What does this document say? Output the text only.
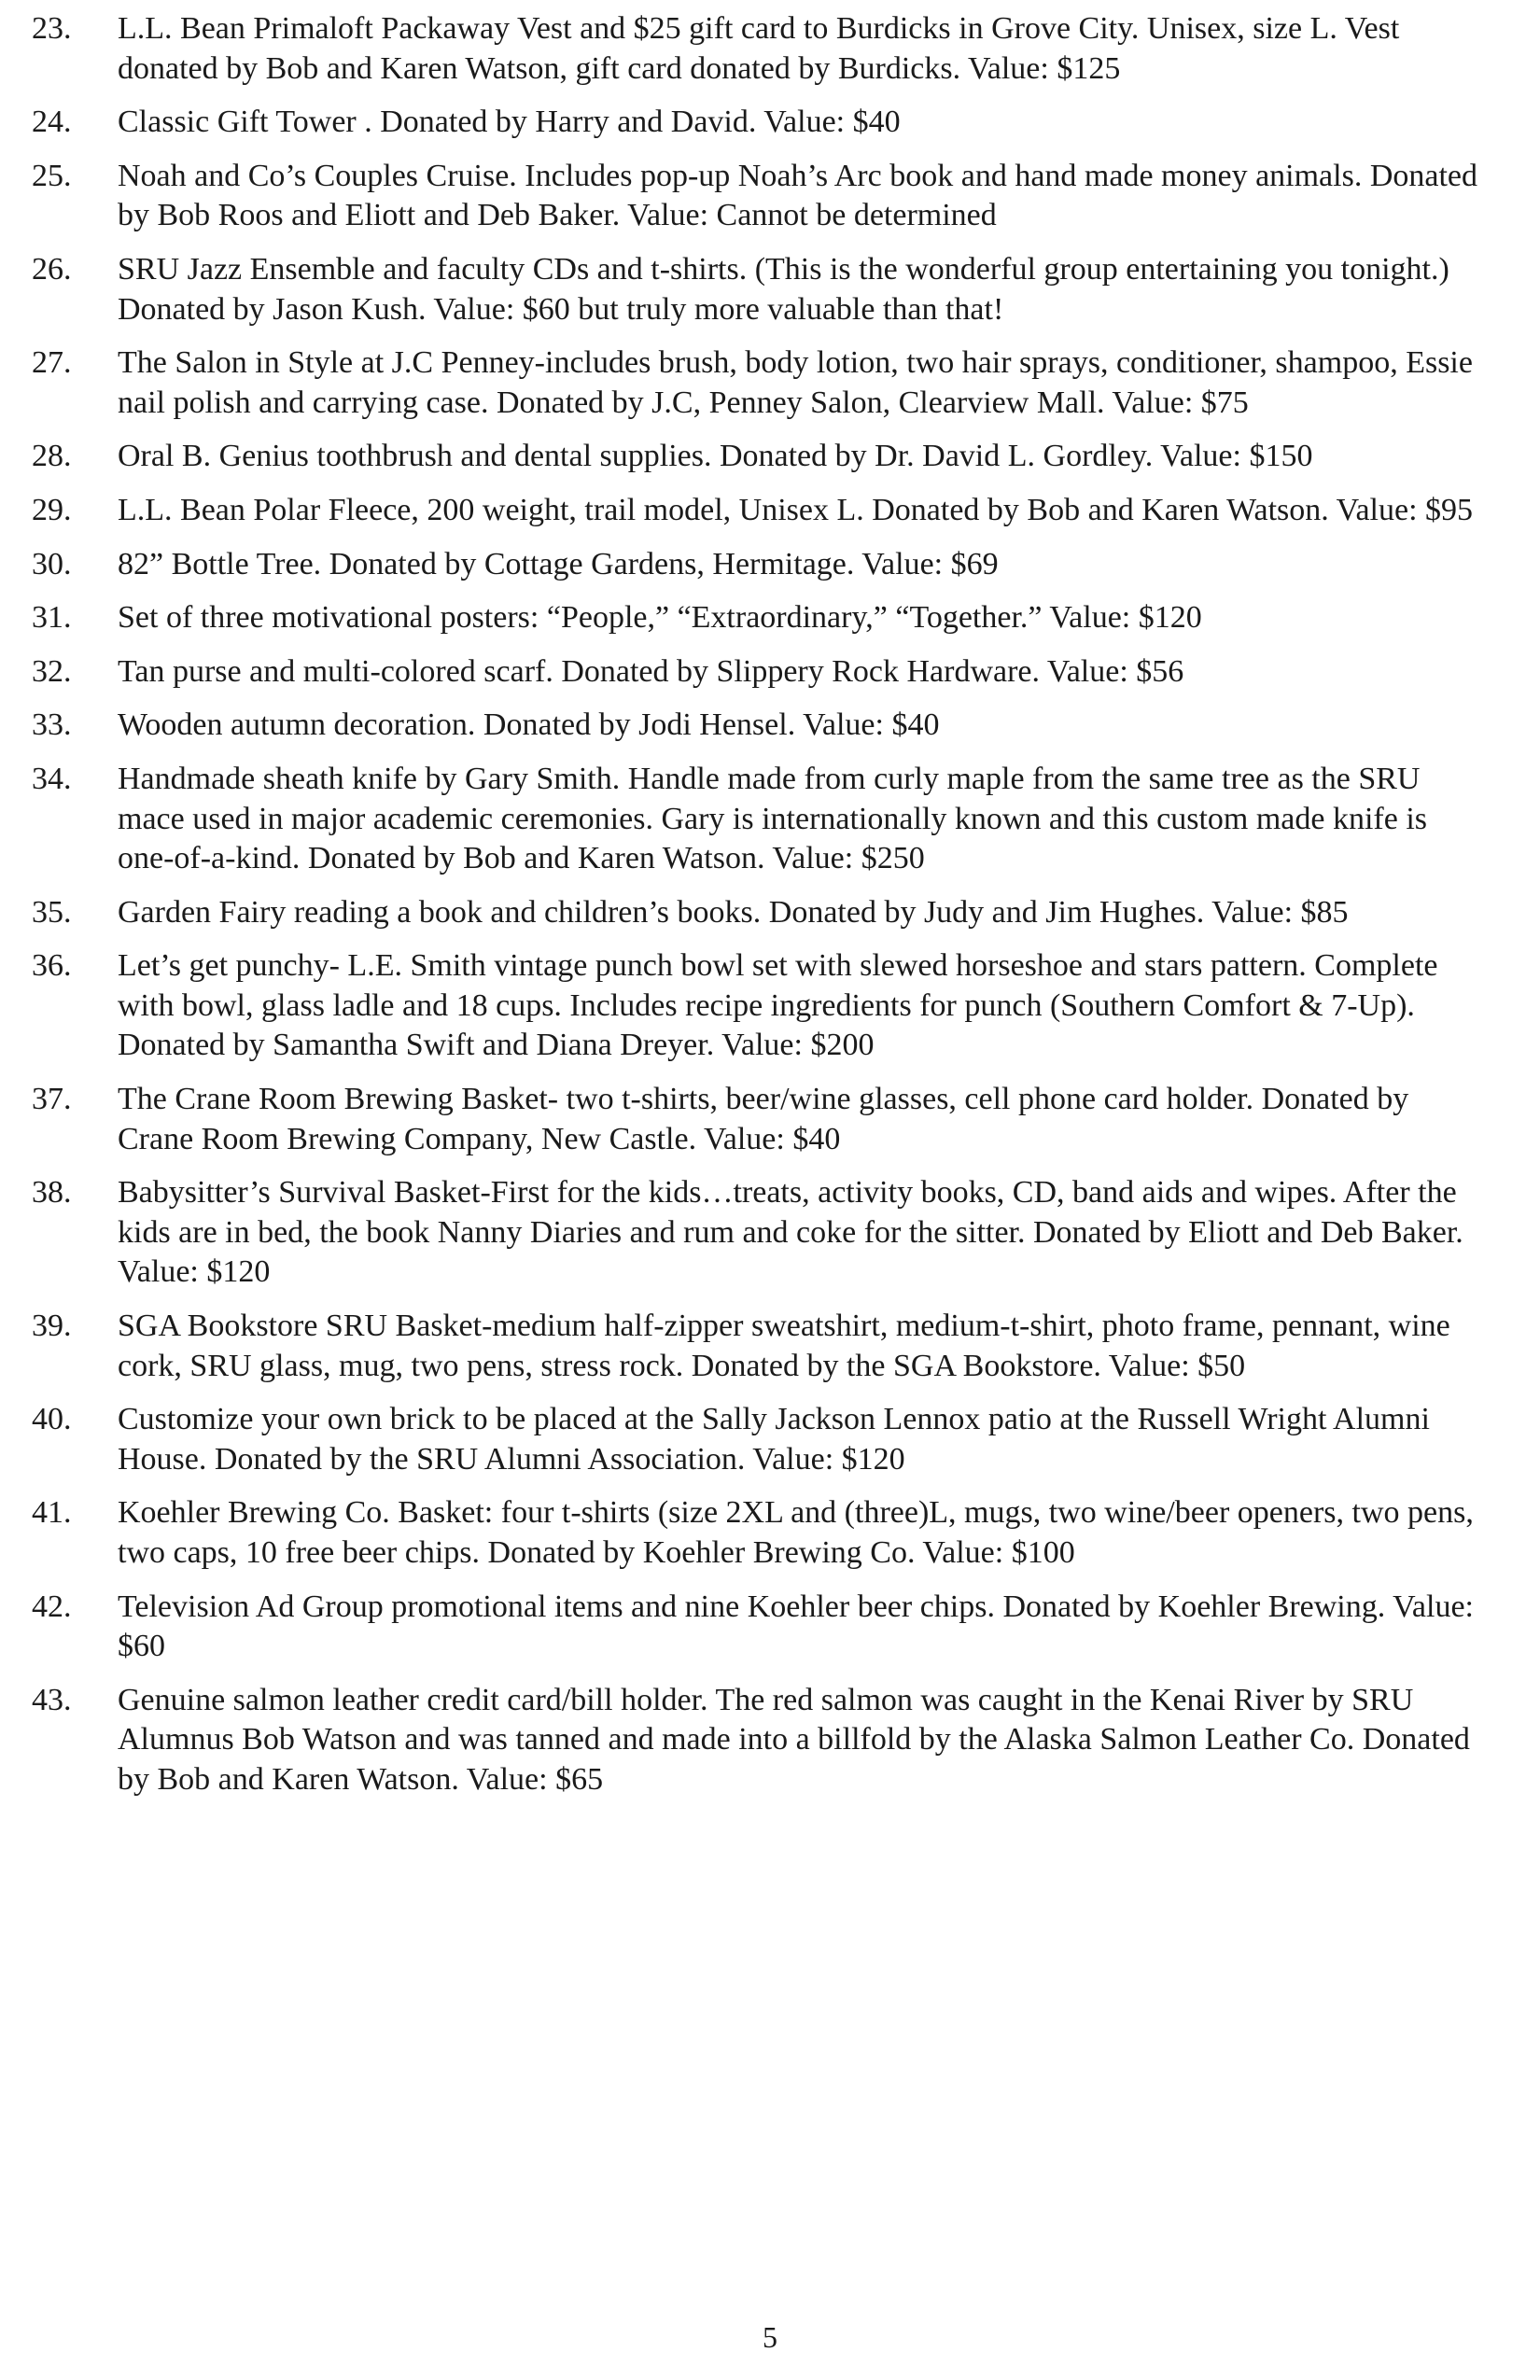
23.	L.L. Bean Primaloft Packaway Vest and $25 gift card to Burdicks in Grove City. Unisex, size L. Vest donated by Bob and Karen Watson, gift card donated by Burdicks. Value: $125
24.	Classic Gift Tower . Donated by Harry and David. Value: $40
25.	Noah and Co’s Couples Cruise. Includes pop-up Noah’s Arc book and hand made money animals. Donated by Bob Roos and Eliott and Deb Baker. Value: Cannot be determined
26.	SRU Jazz Ensemble and faculty CDs and t-shirts. (This is the wonderful group entertaining you tonight.) Donated by Jason Kush. Value: $60 but truly more valuable than that!
27.	The Salon in Style at J.C Penney-includes brush, body lotion, two hair sprays, conditioner, shampoo, Essie nail polish and carrying case. Donated by J.C, Penney Salon, Clearview Mall. Value: $75
28.	Oral B. Genius toothbrush and dental supplies. Donated by Dr. David L. Gordley. Value: $150
29.	L.L. Bean Polar Fleece, 200 weight, trail model, Unisex L. Donated by Bob and Karen Watson. Value: $95
30.	82” Bottle Tree. Donated by Cottage Gardens, Hermitage. Value: $69
31.	Set of three motivational posters: “People,” “Extraordinary,” “Together.” Value: $120
32.	Tan purse and multi-colored scarf. Donated by Slippery Rock Hardware. Value: $56
33.	Wooden autumn decoration. Donated by Jodi Hensel. Value: $40
34.	Handmade sheath knife by Gary Smith. Handle made from curly maple from the same tree as the SRU mace used in major academic ceremonies. Gary is internationally known and this custom made knife is one-of-a-kind. Donated by Bob and Karen Watson. Value: $250
35.	Garden Fairy reading a book and children’s books. Donated by Judy and Jim Hughes. Value: $85
36.	Let’s get punchy- L.E. Smith vintage punch bowl set with slewed horseshoe and stars pattern. Complete with bowl, glass ladle and 18 cups. Includes recipe ingredients for punch (Southern Comfort & 7-Up). Donated by Samantha Swift and Diana Dreyer. Value: $200
37.	The Crane Room Brewing Basket- two t-shirts, beer/wine glasses, cell phone card holder. Donated by Crane Room Brewing Company, New Castle. Value: $40
38.	Babysitter’s Survival Basket-First for the kids…treats, activity books, CD, band aids and wipes. After the kids are in bed, the book Nanny Diaries and rum and coke for the sitter. Donated by Eliott and Deb Baker. Value: $120
39.	SGA Bookstore SRU Basket-medium half-zipper sweatshirt, medium-t-shirt, photo frame, pennant, wine cork, SRU glass, mug, two pens, stress rock. Donated by the SGA Bookstore. Value: $50
40.	Customize your own brick to be placed at the Sally Jackson Lennox patio at the Russell Wright Alumni House. Donated by the SRU Alumni Association. Value: $120
41.	Koehler Brewing Co. Basket: four t-shirts (size 2XL and (three)L, mugs, two wine/beer openers, two pens, two caps, 10 free beer chips. Donated by Koehler Brewing Co. Value: $100
42.	Television Ad Group promotional items and nine Koehler beer chips. Donated by Koehler Brewing. Value: $60
43.	Genuine salmon leather credit card/bill holder. The red salmon was caught in the Kenai River by SRU Alumnus Bob Watson and was tanned and made into a billfold by the Alaska Salmon Leather Co. Donated by Bob and Karen Watson. Value: $65
5
